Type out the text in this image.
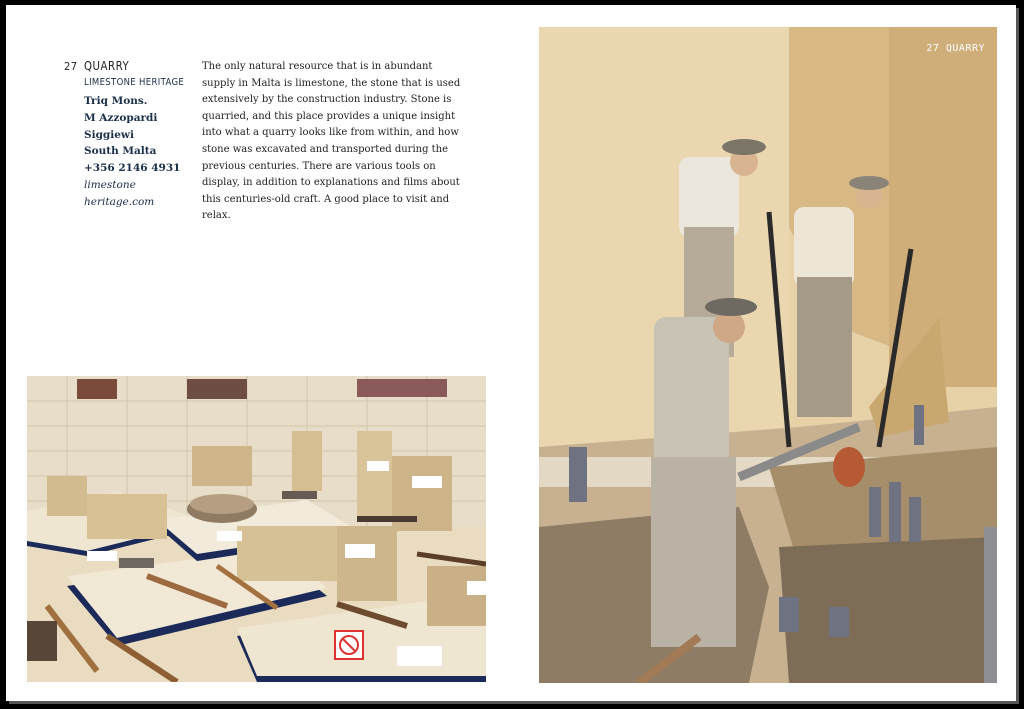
27 QUARRY
LIMESTONE HERITAGE
Triq Mons.
M Azzopardi
Siggiewi
South Malta
+356 2146 4931
limestone
heritage.com

The only natural resource that is in abundant supply in Malta is limestone, the stone that is used extensively by the construction industry. Stone is quarried, and this place provides a unique insight into what a quarry looks like from within, and how stone was excavated and transported during the previous centuries. There are various tools on display, in addition to explanations and films about this centuries-old craft. A good place to visit and relax.

27 QUARRY
